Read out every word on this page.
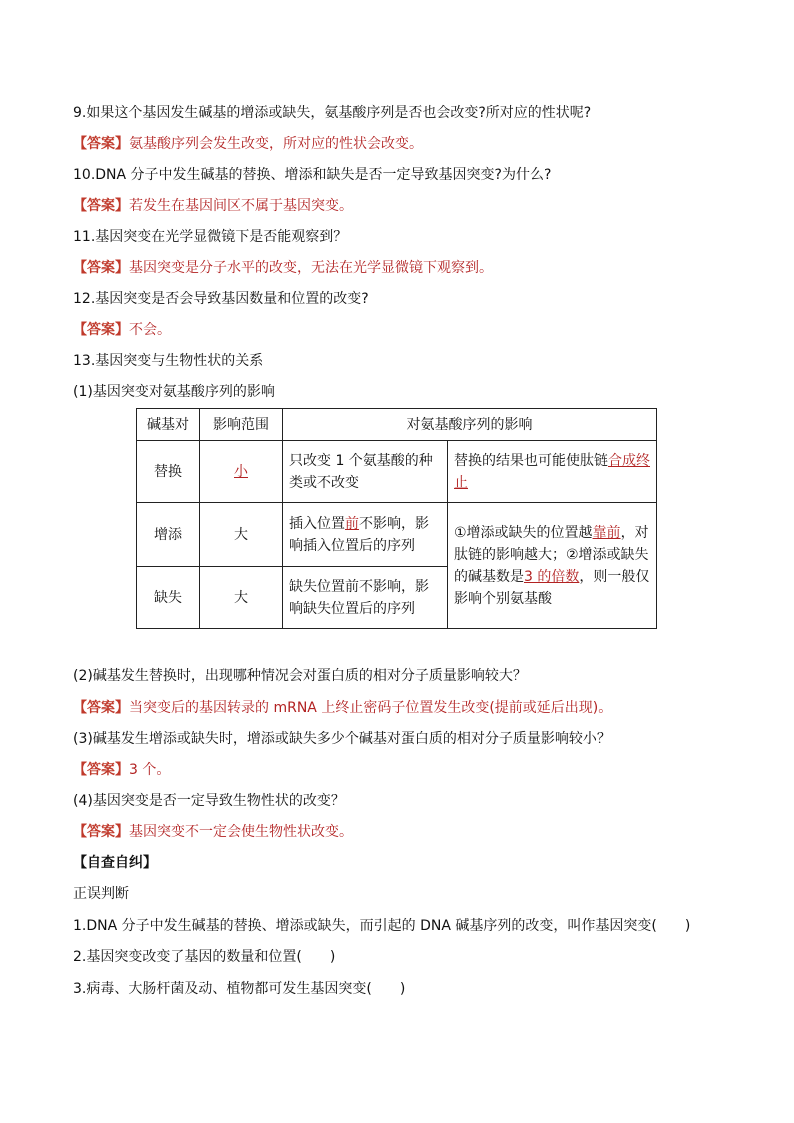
9.如果这个基因发生碱基的增添或缺失，氨基酸序列是否也会改变?所对应的性状呢?
【答案】氨基酸序列会发生改变，所对应的性状会改变。
10.DNA 分子中发生碱基的替换、增添和缺失是否一定导致基因突变?为什么?
【答案】若发生在基因间区不属于基因突变。
11.基因突变在光学显微镜下是否能观察到？
【答案】基因突变是分子水平的改变，无法在光学显微镜下观察到。
12.基因突变是否会导致基因数量和位置的改变?
【答案】不会。
13.基因突变与生物性状的关系
(1)基因突变对氨基酸序列的影响
碱基对	影响范围	对氨基酸序列的影响	
替换	小	只改变 1 个氨基酸的种类或不改变	替换的结果也可能使肽链合成终止
增添	大	插入位置前不影响，影响插入位置后的序列	①增添或缺失的位置越靠前，对肽链的影响越大；②增添或缺失的碱基数是3 的倍数，则一般仅影响个别氨基酸
缺失	大	缺失位置前不影响，影响缺失位置后的序列	
(2)碱基发生替换时，出现哪种情况会对蛋白质的相对分子质量影响较大？
【答案】当突变后的基因转录的 mRNA 上终止密码子位置发生改变(提前或延后出现)。
(3)碱基发生增添或缺失时，增添或缺失多少个碱基对蛋白质的相对分子质量影响较小？
【答案】3 个。
(4)基因突变是否一定导致生物性状的改变？
【答案】基因突变不一定会使生物性状改变。
【自查自纠】
正误判断
1.DNA 分子中发生碱基的替换、增添或缺失，而引起的 DNA 碱基序列的改变，叫作基因突变(　　)
2.基因突变改变了基因的数量和位置(　　)
3.病毒、大肠杆菌及动、植物都可发生基因突变(　　)
